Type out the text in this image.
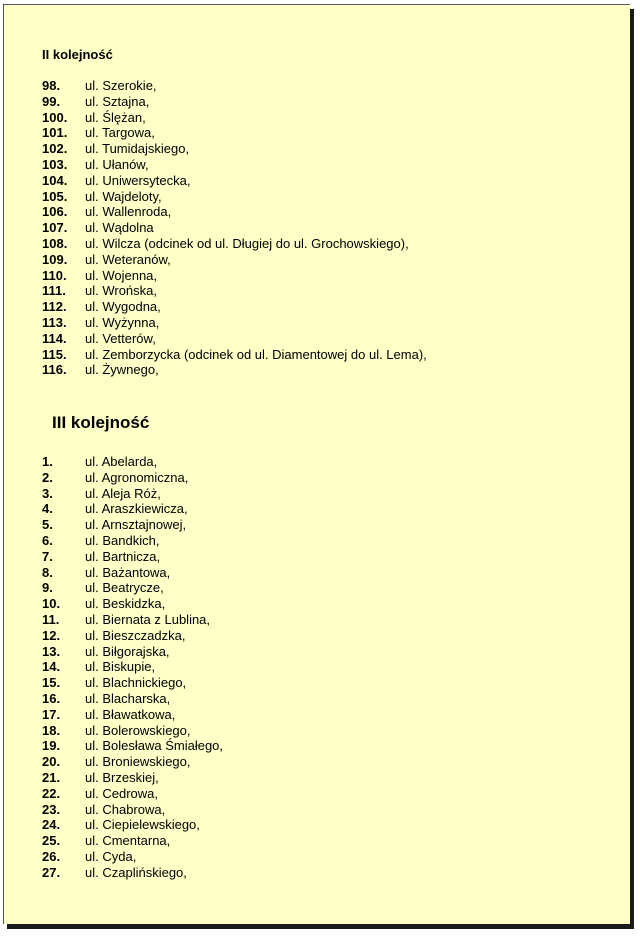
II kolejność
98. ul. Szerokie,
99. ul. Sztajna,
100. ul. Ślężan,
101. ul. Targowa,
102. ul. Tumidajskiego,
103. ul. Ułanów,
104. ul. Uniwersytecka,
105. ul. Wajdeloty,
106. ul. Wallenroda,
107. ul. Wądolna
108. ul. Wilcza (odcinek od ul. Długiej do ul. Grochowskiego),
109. ul. Weteranów,
110. ul. Wojenna,
111. ul. Wrońska,
112. ul. Wygodna,
113. ul. Wyżynna,
114. ul. Vetterów,
115. ul. Zemborzycka (odcinek od ul. Diamentowej do ul. Lema),
116. ul. Żywnego,
III kolejność
1. ul. Abelarda,
2. ul. Agronomiczna,
3. ul. Aleja Róż,
4. ul. Araszkiewicza,
5. ul. Arnsztajnowej,
6. ul. Bandkich,
7. ul. Bartnicza,
8. ul. Bażantowa,
9. ul. Beatrycze,
10. ul. Beskidzka,
11. ul. Biernata z Lublina,
12. ul. Bieszczadzka,
13. ul. Biłgorajska,
14. ul. Biskupie,
15. ul. Blachnickiego,
16. ul. Blacharska,
17. ul. Bławatkowa,
18. ul. Bolerowskiego,
19. ul. Bolesława Śmiałego,
20. ul. Broniewskiego,
21. ul. Brzeskiej,
22. ul. Cedrowa,
23. ul. Chabrowa,
24. ul. Ciepielewskiego,
25. ul. Cmentarna,
26. ul. Cyda,
27. ul. Czaplińskiego,
